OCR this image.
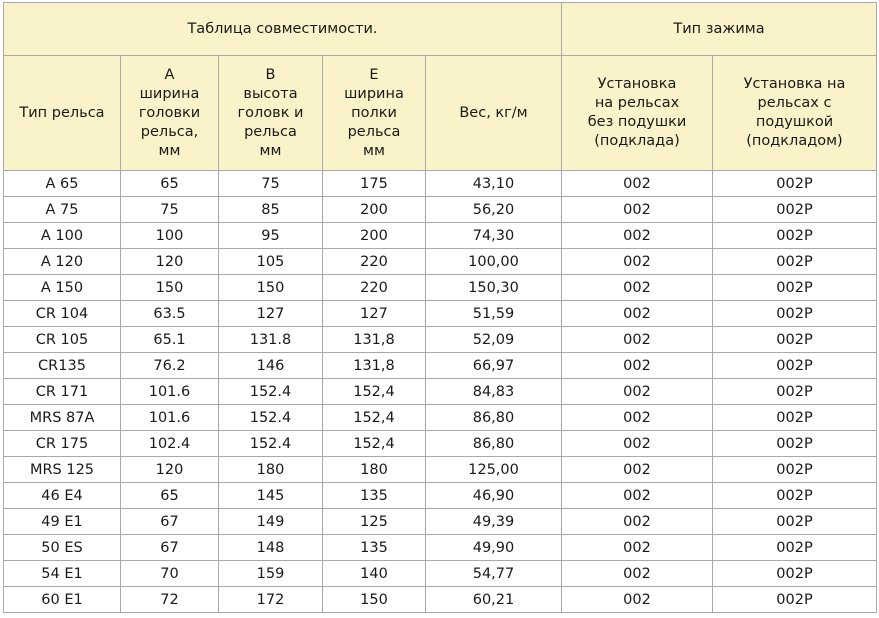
Таблица совместимости.					Тип зажима	
Тип рельса	A
ширина
головки
рельса,
мм	B
высота
головк и
рельса
мм	E
ширина
полки
рельса
мм	Вес, кг/м	Установка
на рельсах
без подушки
(подклада)	Установка на
рельсах с
подушкой
(подкладом)
A 65	65	75	175	43,10	002	002P
A 75	75	85	200	56,20	002	002P
A 100	100	95	200	74,30	002	002P
A 120	120	105	220	100,00	002	002P
A 150	150	150	220	150,30	002	002P
CR 104	63.5	127	127	51,59	002	002P
CR 105	65.1	131.8	131,8	52,09	002	002P
CR135	76.2	146	131,8	66,97	002	002P
CR 171	101.6	152.4	152,4	84,83	002	002P
MRS 87A	101.6	152.4	152,4	86,80	002	002P
CR 175	102.4	152.4	152,4	86,80	002	002P
MRS 125	120	180	180	125,00	002	002P
46 E4	65	145	135	46,90	002	002P
49 E1	67	149	125	49,39	002	002P
50 ES	67	148	135	49,90	002	002P
54 E1	70	159	140	54,77	002	002P
60 E1	72	172	150	60,21	002	002P
